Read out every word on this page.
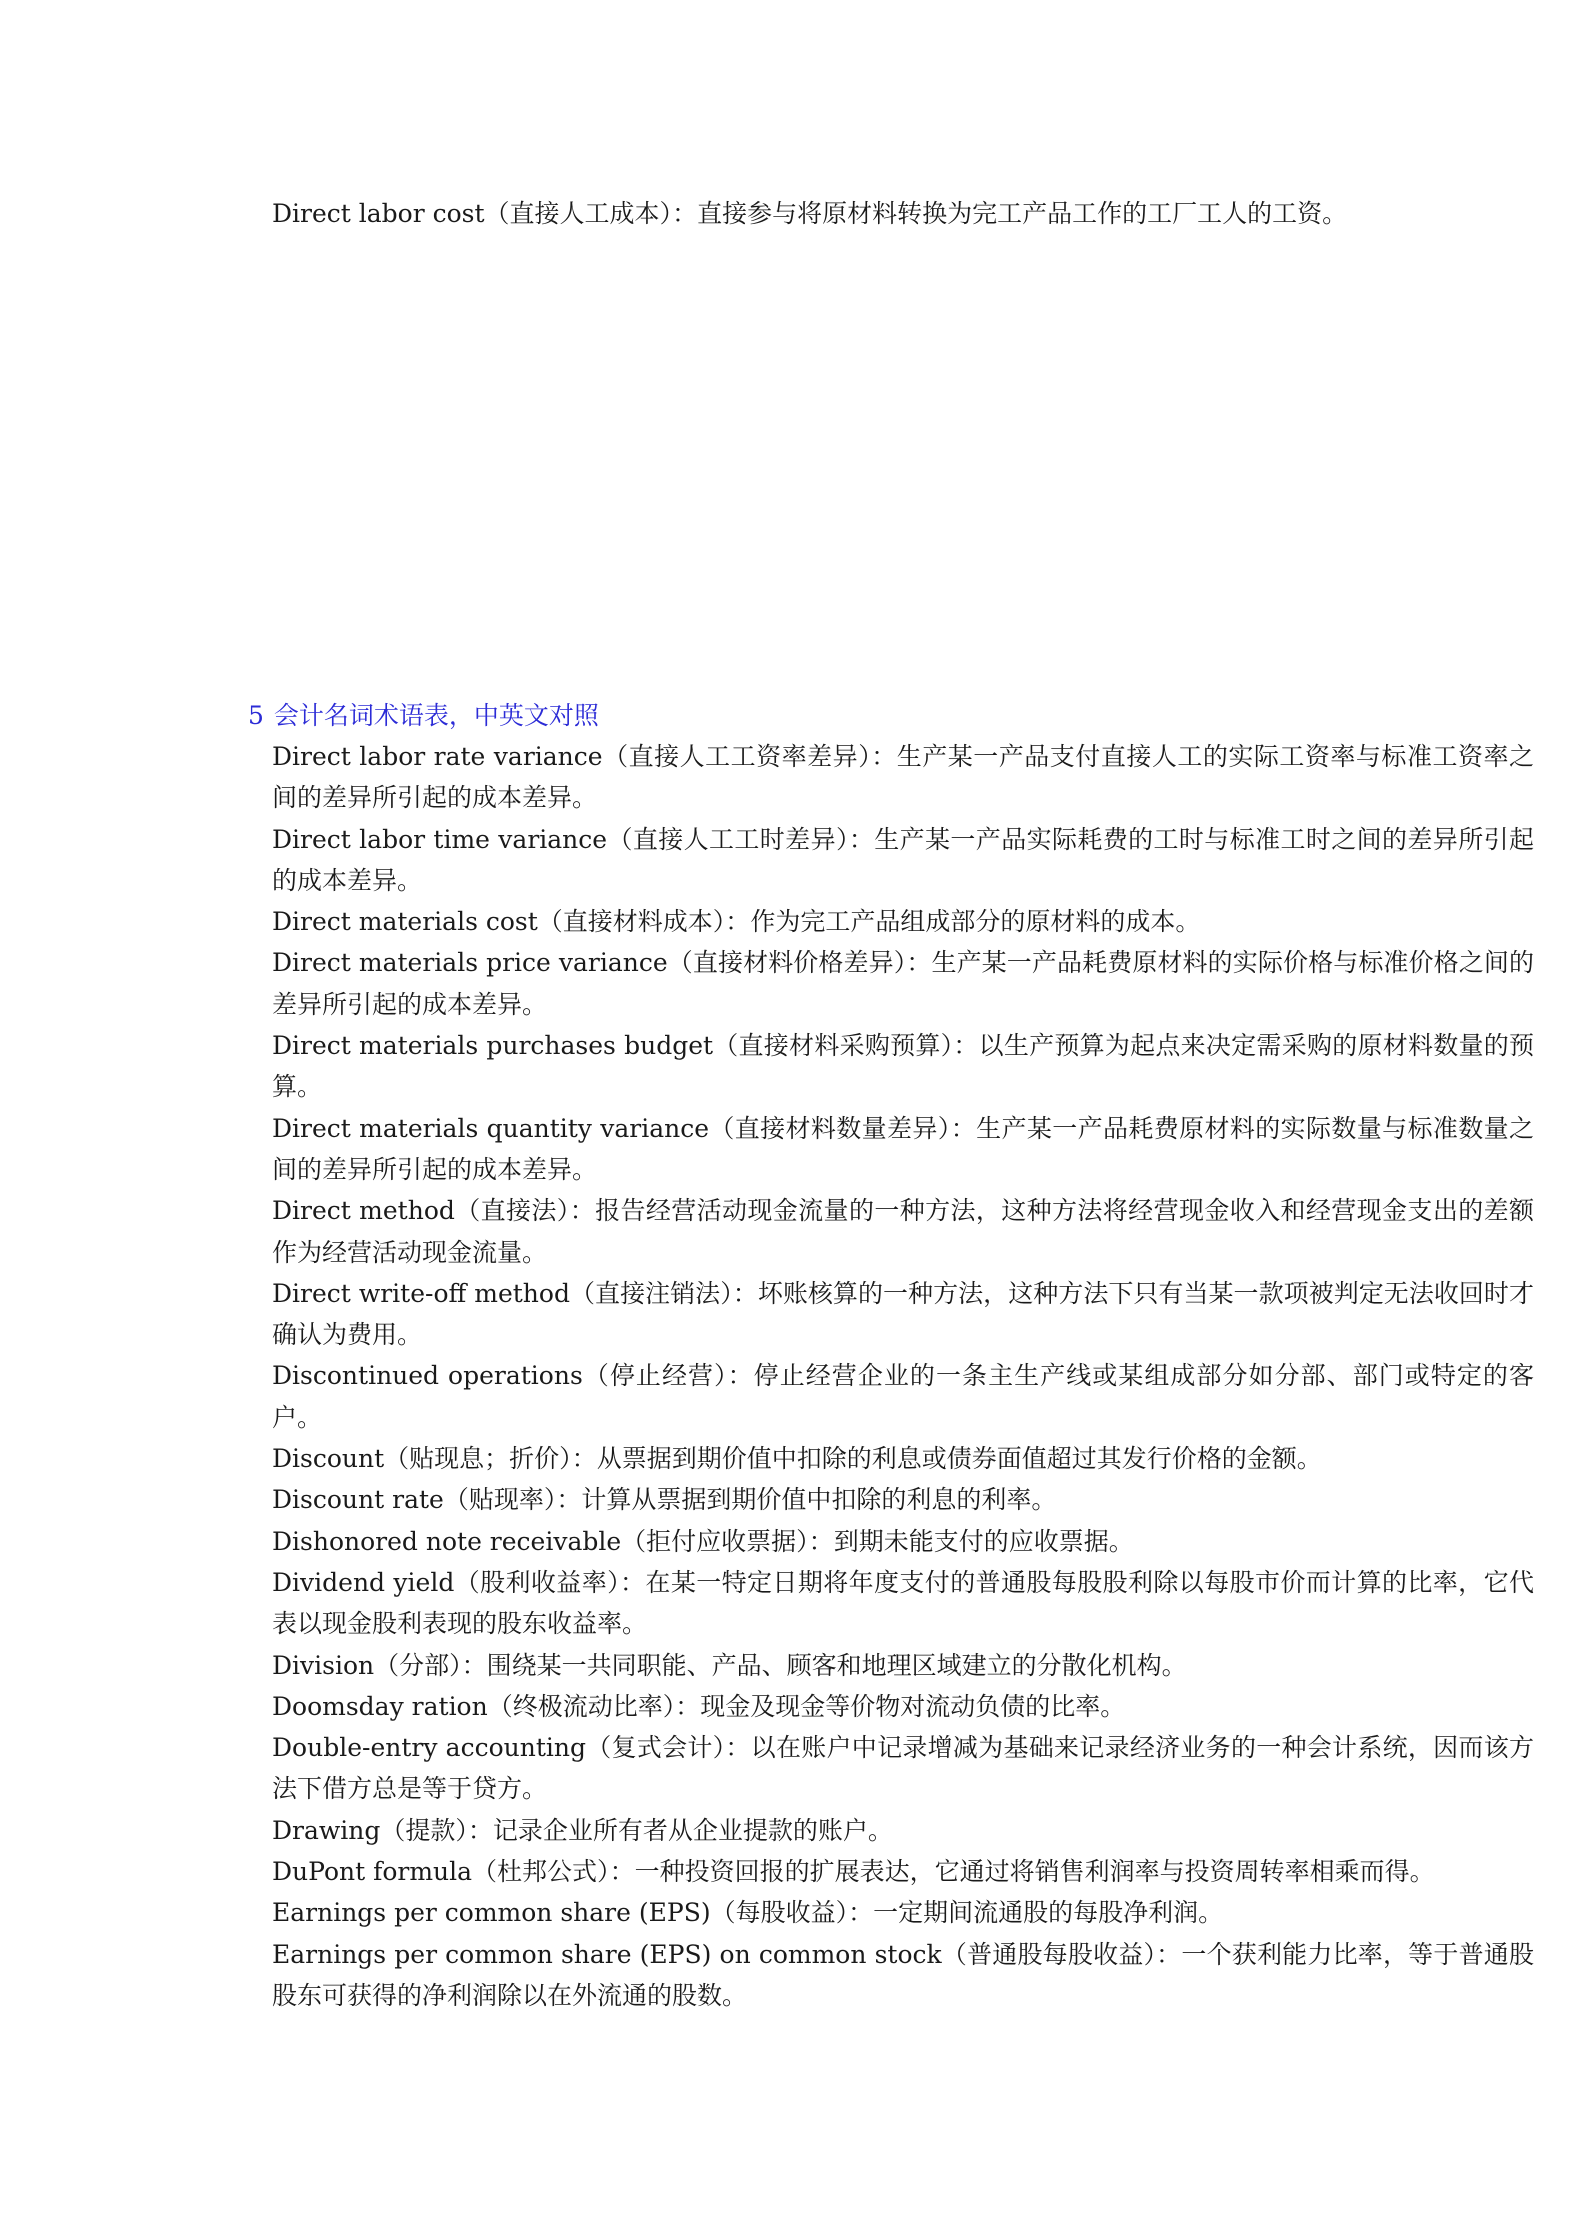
Direct labor cost（直接人工成本）：直接参与将原材料转换为完工产品工作的工厂工人的工资。

5 会计名词术语表，中英文对照
Direct labor rate variance（直接人工工资率差异）：生产某一产品支付直接人工的实际工资率与标准工资率之间的差异所引起的成本差异。
Direct labor time variance（直接人工工时差异）：生产某一产品实际耗费的工时与标准工时之间的差异所引起的成本差异。
Direct materials cost（直接材料成本）：作为完工产品组成部分的原材料的成本。
Direct materials price variance（直接材料价格差异）：生产某一产品耗费原材料的实际价格与标准价格之间的差异所引起的成本差异。
Direct materials purchases budget（直接材料采购预算）：以生产预算为起点来决定需采购的原材料数量的预算。
Direct materials quantity variance（直接材料数量差异）：生产某一产品耗费原材料的实际数量与标准数量之间的差异所引起的成本差异。
Direct method（直接法）：报告经营活动现金流量的一种方法，这种方法将经营现金收入和经营现金支出的差额作为经营活动现金流量。
Direct write-off method（直接注销法）：坏账核算的一种方法，这种方法下只有当某一款项被判定无法收回时才确认为费用。
Discontinued operations（停止经营）：停止经营企业的一条主生产线或某组成部分如分部、部门或特定的客户。
Discount（贴现息；折价）：从票据到期价值中扣除的利息或债券面值超过其发行价格的金额。
Discount rate（贴现率）：计算从票据到期价值中扣除的利息的利率。
Dishonored note receivable（拒付应收票据）：到期未能支付的应收票据。
Dividend yield（股利收益率）：在某一特定日期将年度支付的普通股每股股利除以每股市价而计算的比率，它代表以现金股利表现的股东收益率。
Division（分部）：围绕某一共同职能、产品、顾客和地理区域建立的分散化机构。
Doomsday ration（终极流动比率）：现金及现金等价物对流动负债的比率。
Double-entry accounting（复式会计）：以在账户中记录增减为基础来记录经济业务的一种会计系统，因而该方法下借方总是等于贷方。
Drawing（提款）：记录企业所有者从企业提款的账户。
DuPont formula（杜邦公式）：一种投资回报的扩展表达，它通过将销售利润率与投资周转率相乘而得。
Earnings per common share (EPS)（每股收益）：一定期间流通股的每股净利润。
Earnings per common share (EPS) on common stock（普通股每股收益）：一个获利能力比率，等于普通股股东可获得的净利润除以在外流通的股数。
